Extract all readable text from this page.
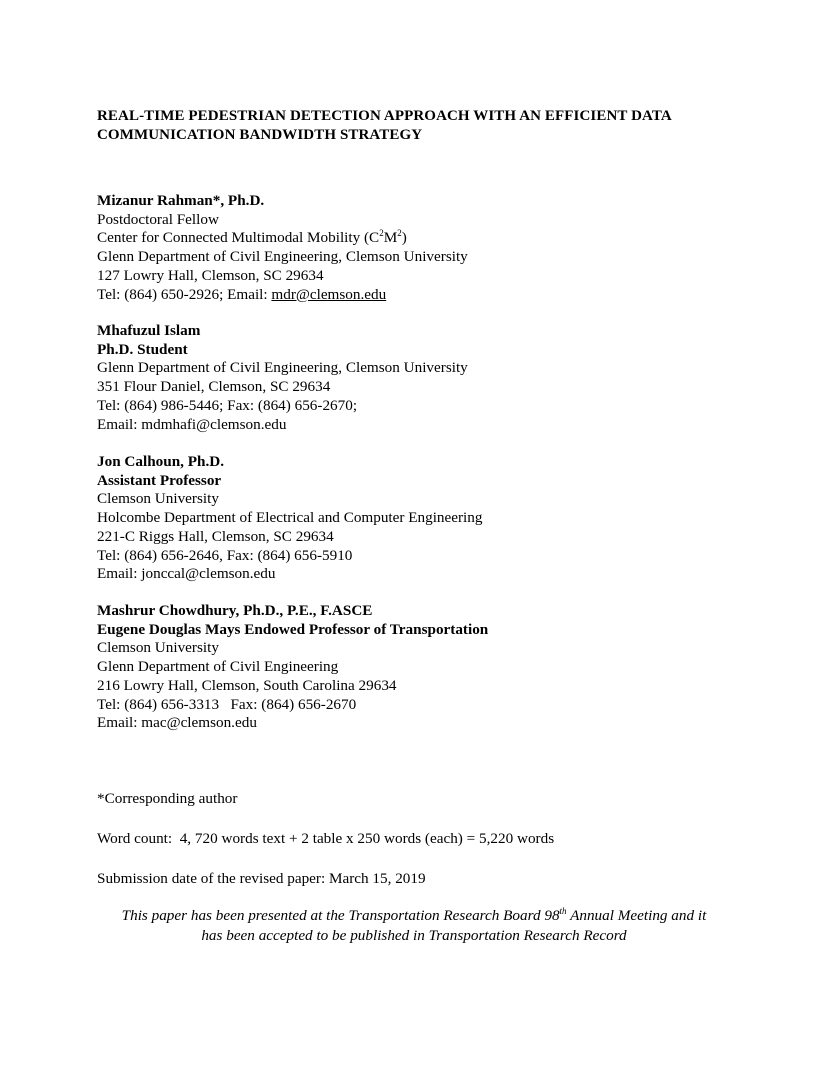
REAL-TIME PEDESTRIAN DETECTION APPROACH WITH AN EFFICIENT DATA
COMMUNICATION BANDWIDTH STRATEGY
Mizanur Rahman*, Ph.D.
Postdoctoral Fellow
Center for Connected Multimodal Mobility $(C^2M^2)$
Glenn Department of Civil Engineering, Clemson University
127 Lowry Hall, Clemson, SC 29634
Tel: (864) 650-2926; Email: mdr@clemson.edu
Mhafuzul Islam
Ph.D. Student
Glenn Department of Civil Engineering, Clemson University
351 Flour Daniel, Clemson, SC 29634
Tel: (864) 986-5446; Fax: (864) 656-2670;
Email: mdmhafi@clemson.edu
Jon Calhoun, Ph.D.
Assistant Professor
Clemson University
Holcombe Department of Electrical and Computer Engineering
221-C Riggs Hall, Clemson, SC 29634
Tel: (864) 656-2646, Fax: (864) 656-5910
Email: jonccal@clemson.edu
Mashrur Chowdhury, Ph.D., P.E., F.ASCE
Eugene Douglas Mays Endowed Professor of Transportation
Clemson University
Glenn Department of Civil Engineering
216 Lowry Hall, Clemson, South Carolina 29634
Tel: (864) 656-3313   Fax: (864) 656-2670
Email: mac@clemson.edu
*Corresponding author
Word count:  4, 720 words text + 2 table x 250 words (each) = 5,220 words
Submission date of the revised paper: March 15, 2019
This paper has been presented at the Transportation Research Board 98th Annual Meeting and it
has been accepted to be published in Transportation Research Record
